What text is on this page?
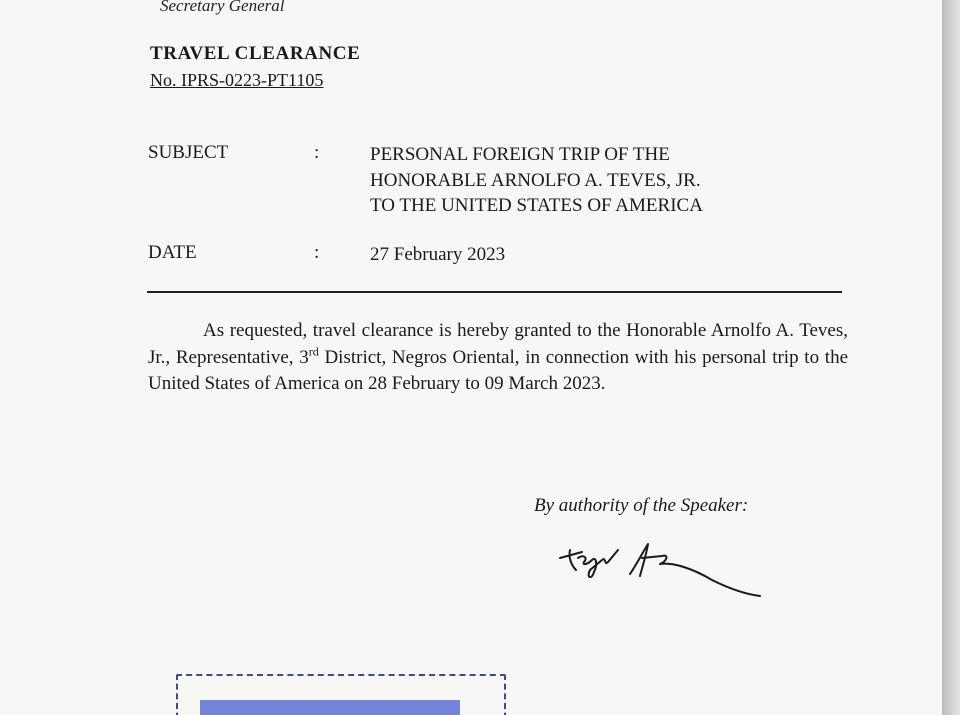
Secretary General
TRAVEL CLEARANCE
No. IPRS-0223-PT1105
SUBJECT	:	PERSONAL FOREIGN TRIP OF THE
HONORABLE ARNOLFO A. TEVES, JR.
TO THE UNITED STATES OF AMERICA
DATE	:	27 February 2023
As requested, travel clearance is hereby granted to the Honorable Arnolfo A. Teves, Jr., Representative, 3rd District, Negros Oriental, in connection with his personal trip to the United States of America on 28 February to 09 March 2023.
By authority of the Speaker:
